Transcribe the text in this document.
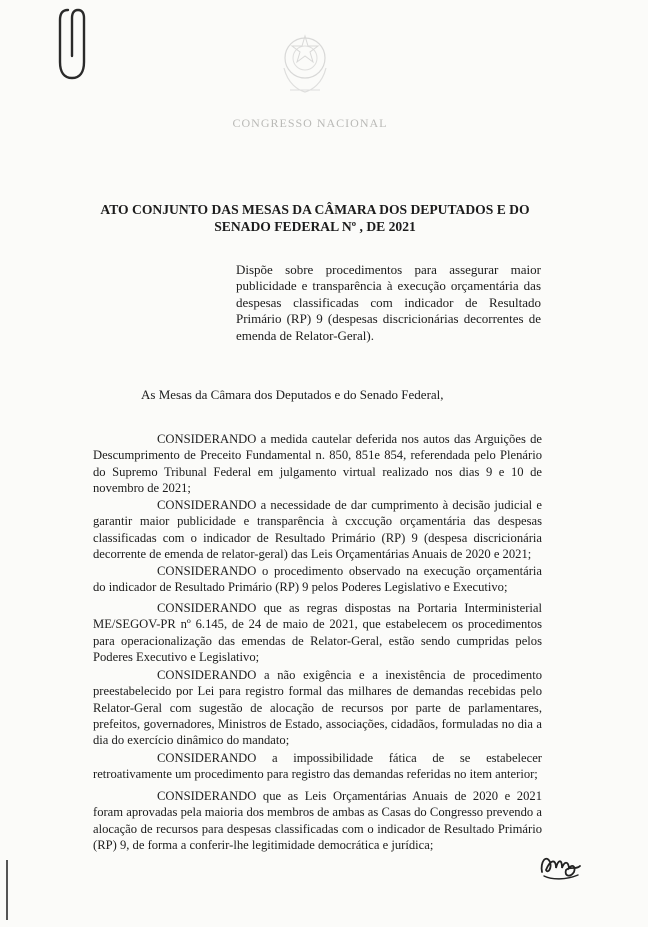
CONGRESSO NACIONAL
ATO CONJUNTO DAS MESAS DA CÂMARA DOS DEPUTADOS E DO
SENADO FEDERAL Nº , DE 2021
Dispõe sobre procedimentos para assegurar maior publicidade e transparência à execução orçamentária das despesas classificadas com indicador de Resultado Primário (RP) 9 (despesas discricionárias decorrentes de emenda de Relator-Geral).
As Mesas da Câmara dos Deputados e do Senado Federal,

CONSIDERANDO a medida cautelar deferida nos autos das Arguições de Descumprimento de Preceito Fundamental n. 850, 851e 854, referendada pelo Plenário do Supremo Tribunal Federal em julgamento virtual realizado nos dias 9 e 10 de novembro de 2021;

CONSIDERANDO a necessidade de dar cumprimento à decisão judicial e garantir maior publicidade e transparência à cxccução orçamentária das despesas classificadas com o indicador de Resultado Primário (RP) 9 (despesa discricionária decorrente de emenda de relator-geral) das Leis Orçamentárias Anuais de 2020 e 2021;

CONSIDERANDO o procedimento observado na execução orçamentária do indicador de Resultado Primário (RP) 9 pelos Poderes Legislativo e Executivo;

CONSIDERANDO que as regras dispostas na Portaria Interministerial ME/SEGOV-PR nº 6.145, de 24 de maio de 2021, que estabelecem os procedimentos para operacionalização das emendas de Relator-Geral, estão sendo cumpridas pelos Poderes Executivo e Legislativo;

CONSIDERANDO a não exigência e a inexistência de procedimento preestabelecido por Lei para registro formal das milhares de demandas recebidas pelo Relator-Geral com sugestão de alocação de recursos por parte de parlamentares, prefeitos, governadores, Ministros de Estado, associações, cidadãos, formuladas no dia a dia do exercício dinâmico do mandato;

CONSIDERANDO a impossibilidade fática de se estabelecer retroativamente um procedimento para registro das demandas referidas no item anterior;

CONSIDERANDO que as Leis Orçamentárias Anuais de 2020 e 2021 foram aprovadas pela maioria dos membros de ambas as Casas do Congresso prevendo a alocação de recursos para despesas classificadas com o indicador de Resultado Primário (RP) 9, de forma a conferir-lhe legitimidade democrática e jurídica;
